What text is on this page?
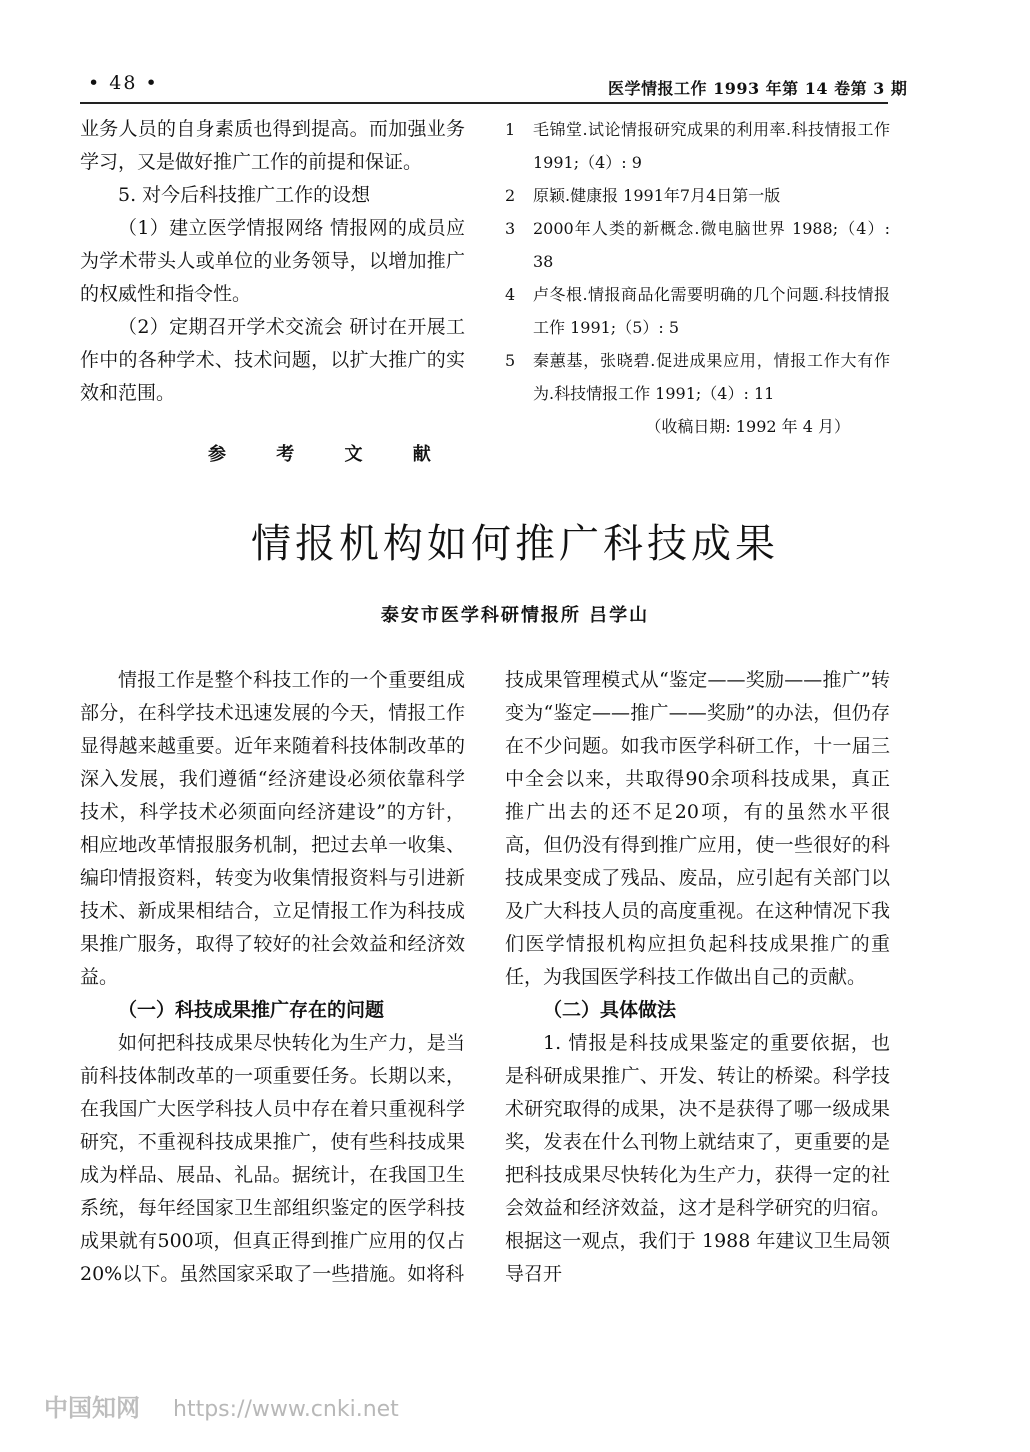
• 48 •	医学情报工作 1993 年第 14 卷第 3 期

业务人员的自身素质也得到提高。而加强业务学习，又是做好推广工作的前提和保证。

5. 对今后科技推广工作的设想

（1）建立医学情报网络 情报网的成员应为学术带头人或单位的业务领导，以增加推广的权威性和指令性。

（2）定期召开学术交流会 研讨在开展工作中的各种学术、技术问题，以扩大推广的实效和范围。

参 考 文 献
1	毛锦堂.试论情报研究成果的利用率.科技情报工作 1991;（4）: 9
2	原颖.健康报 1991年7月4日第一版
3	2000年人类的新概念.微电脑世界 1988;（4）: 38
4	卢冬根.情报商品化需要明确的几个问题.科技情报工作 1991;（5）: 5
5	秦蕙基，张晓碧.促进成果应用，情报工作大有作为.科技情报工作 1991;（4）: 11
（收稿日期: 1992 年 4 月）
情报机构如何推广科技成果
泰安市医学科研情报所 吕学山

情报工作是整个科技工作的一个重要组成部分，在科学技术迅速发展的今天，情报工作显得越来越重要。近年来随着科技体制改革的深入发展，我们遵循“经济建设必须依靠科学技术，科学技术必须面向经济建设”的方针，相应地改革情报服务机制，把过去单一收集、编印情报资料，转变为收集情报资料与引进新技术、新成果相结合，立足情报工作为科技成果推广服务，取得了较好的社会效益和经济效益。

（一）科技成果推广存在的问题

如何把科技成果尽快转化为生产力，是当前科技体制改革的一项重要任务。长期以来，在我国广大医学科技人员中存在着只重视科学研究，不重视科技成果推广，使有些科技成果成为样品、展品、礼品。据统计，在我国卫生系统，每年经国家卫生部组织鉴定的医学科技成果就有500项，但真正得到推广应用的仅占20%以下。虽然国家采取了一些措施。如将科

技成果管理模式从“鉴定——奖励——推广”转变为“鉴定——推广——奖励”的办法，但仍存在不少问题。如我市医学科研工作，十一届三中全会以来，共取得90余项科技成果，真正推广出去的还不足20项，有的虽然水平很高，但仍没有得到推广应用，使一些很好的科技成果变成了残品、废品，应引起有关部门以及广大科技人员的高度重视。在这种情况下我们医学情报机构应担负起科技成果推广的重任，为我国医学科技工作做出自己的贡献。

（二）具体做法

1. 情报是科技成果鉴定的重要依据，也是科研成果推广、开发、转让的桥梁。科学技术研究取得的成果，决不是获得了哪一级成果奖，发表在什么刊物上就结束了，更重要的是把科技成果尽快转化为生产力，获得一定的社会效益和经济效益，这才是科学研究的归宿。根据这一观点，我们于 1988 年建议卫生局领导召开

中国知网 https://www.cnki.net
